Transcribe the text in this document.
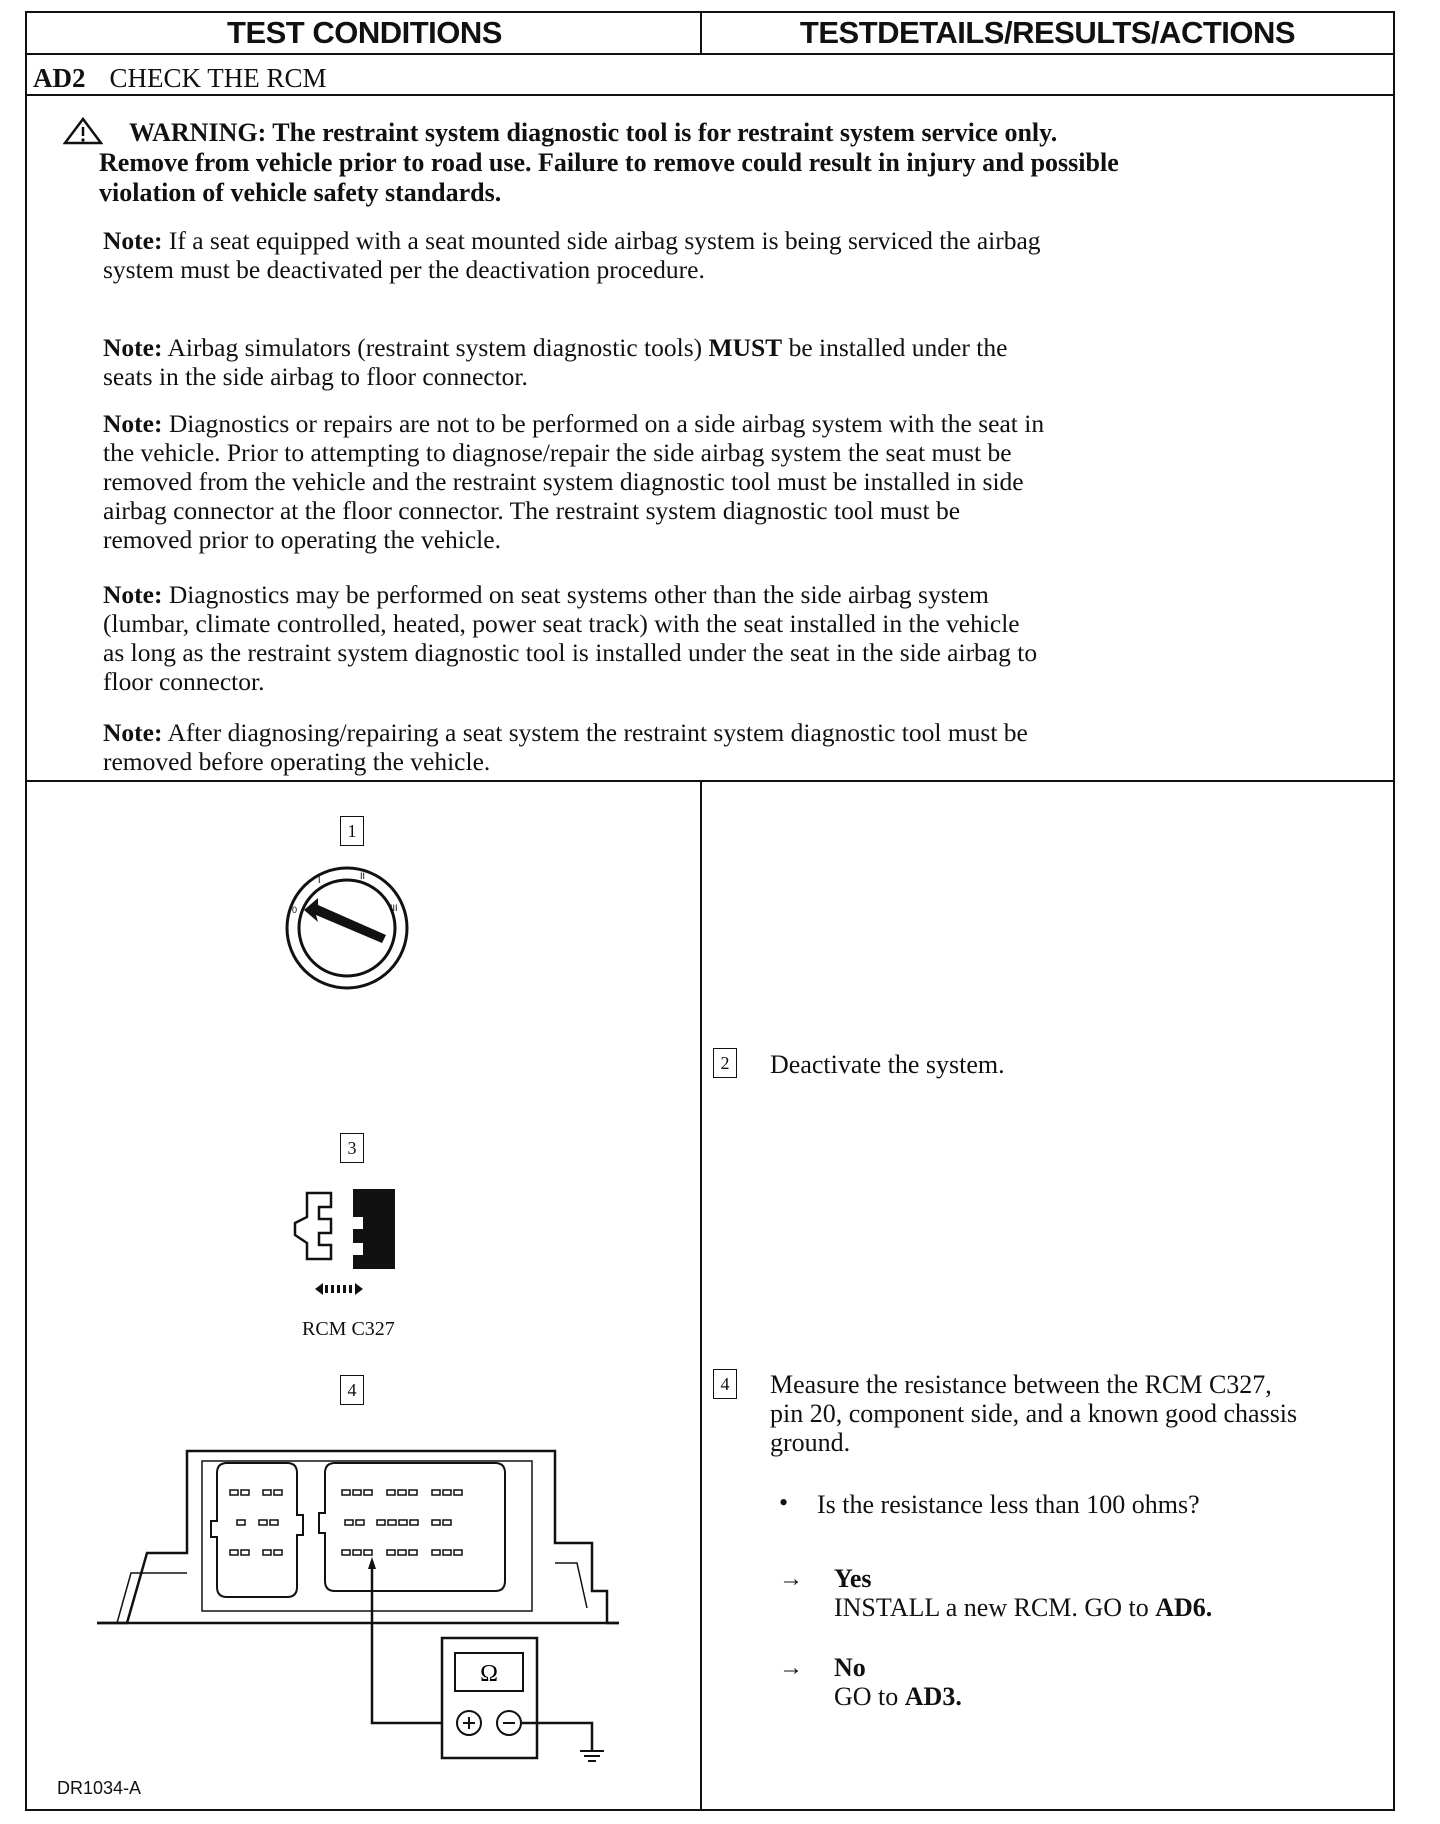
TEST CONDITIONS	TESTDETAILS/RESULTS/ACTIONS
AD2 CHECK THE RCM
WARNING: The restraint system diagnostic tool is for restraint system service only.
Remove from vehicle prior to road use. Failure to remove could result in injury and possible
violation of vehicle safety standards.
Note: If a seat equipped with a seat mounted side airbag system is being serviced the airbag
system must be deactivated per the deactivation procedure.
Note: Airbag simulators (restraint system diagnostic tools) MUST be installed under the
seats in the side airbag to floor connector.
Note: Diagnostics or repairs are not to be performed on a side airbag system with the seat in
the vehicle. Prior to attempting to diagnose/repair the side airbag system the seat must be
removed from the vehicle and the restraint system diagnostic tool must be installed in side
airbag connector at the floor connector. The restraint system diagnostic tool must be
removed prior to operating the vehicle.
Note: Diagnostics may be performed on seat systems other than the side airbag system
(lumbar, climate controlled, heated, power seat track) with the seat installed in the vehicle
as long as the restraint system diagnostic tool is installed under the seat in the side airbag to
floor connector.
Note: After diagnosing/repairing a seat system the restraint system diagnostic tool must be
removed before operating the vehicle.
1
0
I	II
III
3
RCM C327
4
Ω
DR1034-A
2 Deactivate the system.
4 Measure the resistance between the RCM C327,
pin 20, component side, and a known good chassis
ground.
• Is the resistance less than 100 ohms?
→ Yes
INSTALL a new RCM. GO to AD6.
→ No
GO to AD3.
